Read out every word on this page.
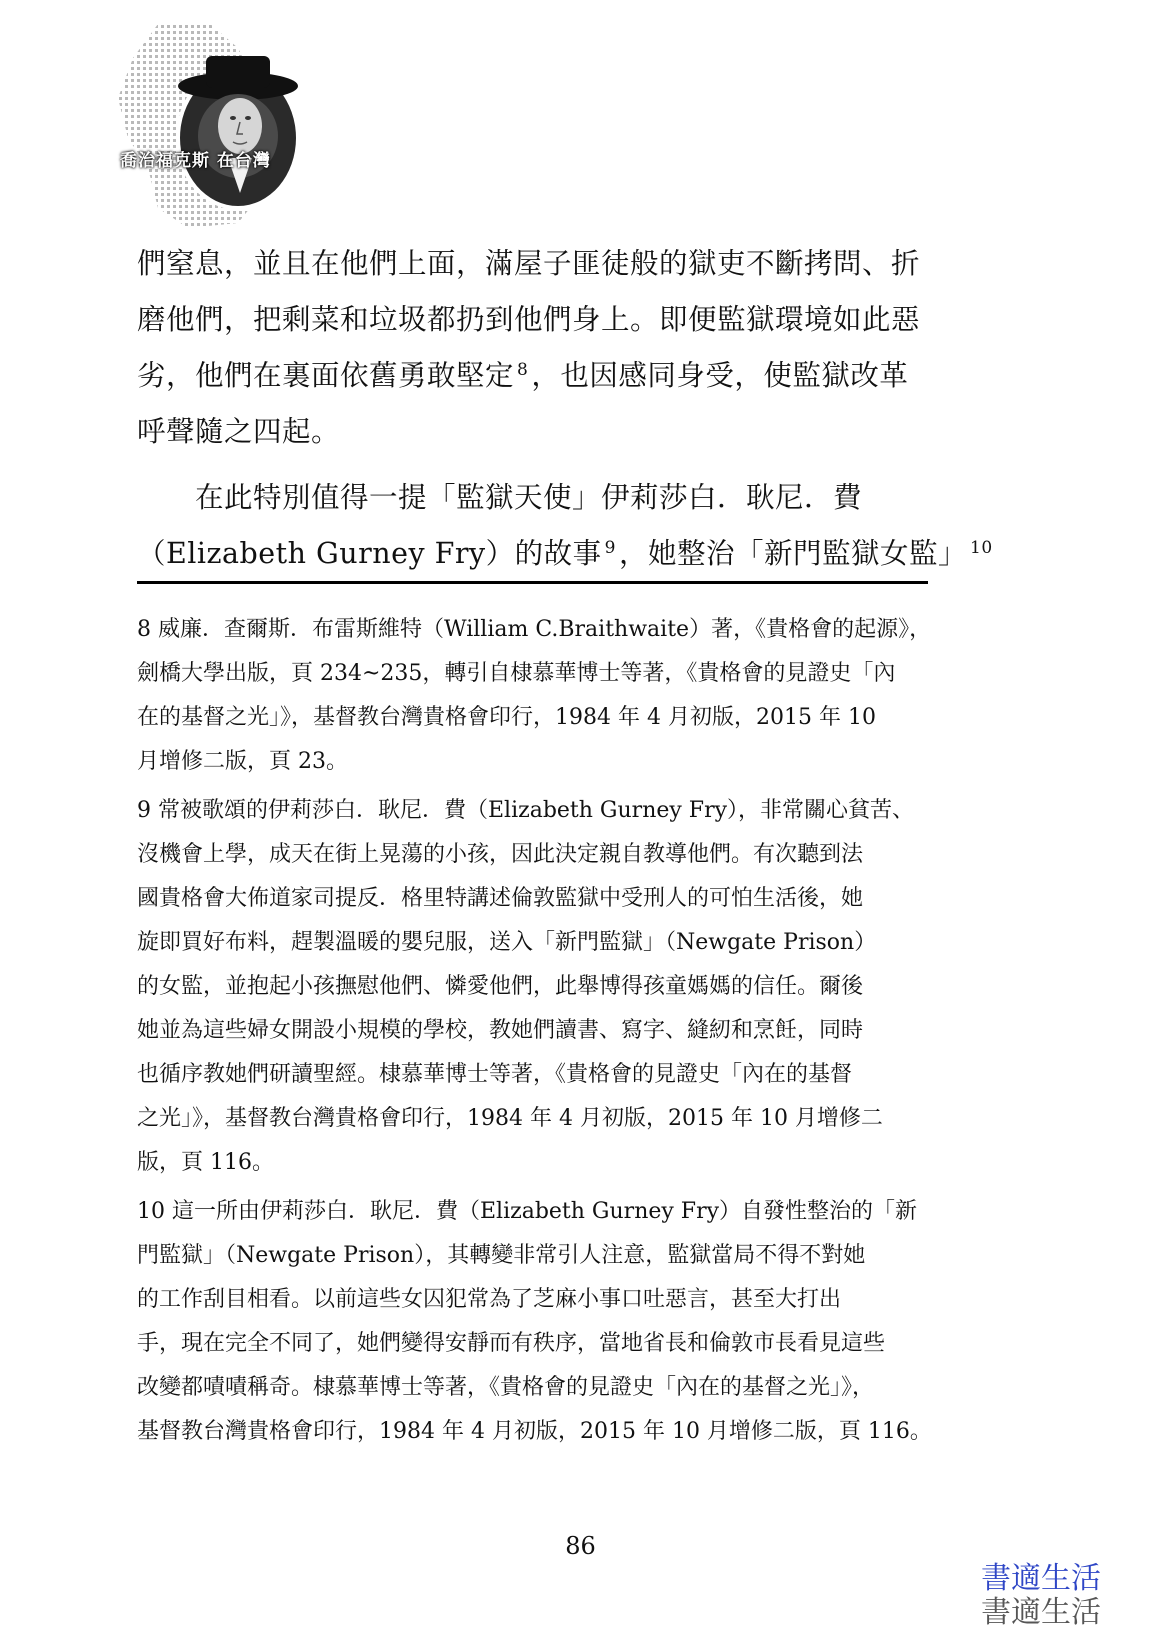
喬治福克斯 在台灣
們窒息，並且在他們上面，滿屋子匪徒般的獄吏不斷拷問、折
磨他們，把剩菜和垃圾都扔到他們身上。即便監獄環境如此惡
劣，他們在裏面依舊勇敢堅定 $^8$ ，也因感同身受，使監獄改革
呼聲隨之四起。
在此特別值得一提「監獄天使」伊莉莎白．耿尼．費
（Elizabeth Gurney Fry）的故事 $^9$ ，她整治「新門監獄女監」 $^{10}$
8 威廉．查爾斯．布雷斯維特（William C.Braithwaite）著，《貴格會的起源》，
劍橋大學出版，頁 234~235，轉引自棣慕華博士等著，《貴格會的見證史「內
在的基督之光」》，基督教台灣貴格會印行，1984 年 4 月初版，2015 年 10
月增修二版，頁 23。
9 常被歌頌的伊莉莎白．耿尼．費（Elizabeth Gurney Fry），非常關心貧苦、
沒機會上學，成天在街上晃蕩的小孩，因此決定親自教導他們。有次聽到法
國貴格會大佈道家司提反．格里特講述倫敦監獄中受刑人的可怕生活後，她
旋即買好布料，趕製溫暖的嬰兒服，送入「新門監獄」（Newgate Prison）
的女監，並抱起小孩撫慰他們、憐愛他們，此舉博得孩童媽媽的信任。爾後
她並為這些婦女開設小規模的學校，教她們讀書、寫字、縫紉和烹飪，同時
也循序教她們研讀聖經。棣慕華博士等著，《貴格會的見證史「內在的基督
之光」》，基督教台灣貴格會印行，1984 年 4 月初版，2015 年 10 月增修二
版，頁 116。
10 這一所由伊莉莎白．耿尼．費（Elizabeth Gurney Fry）自發性整治的「新
門監獄」（Newgate Prison），其轉變非常引人注意，監獄當局不得不對她
的工作刮目相看。以前這些女囚犯常為了芝麻小事口吐惡言，甚至大打出
手，現在完全不同了，她們變得安靜而有秩序，當地省長和倫敦市長看見這些
改變都嘖嘖稱奇。棣慕華博士等著，《貴格會的見證史「內在的基督之光」》，
基督教台灣貴格會印行，1984 年 4 月初版，2015 年 10 月增修二版，頁 116。
86
書適生活
書適生活
